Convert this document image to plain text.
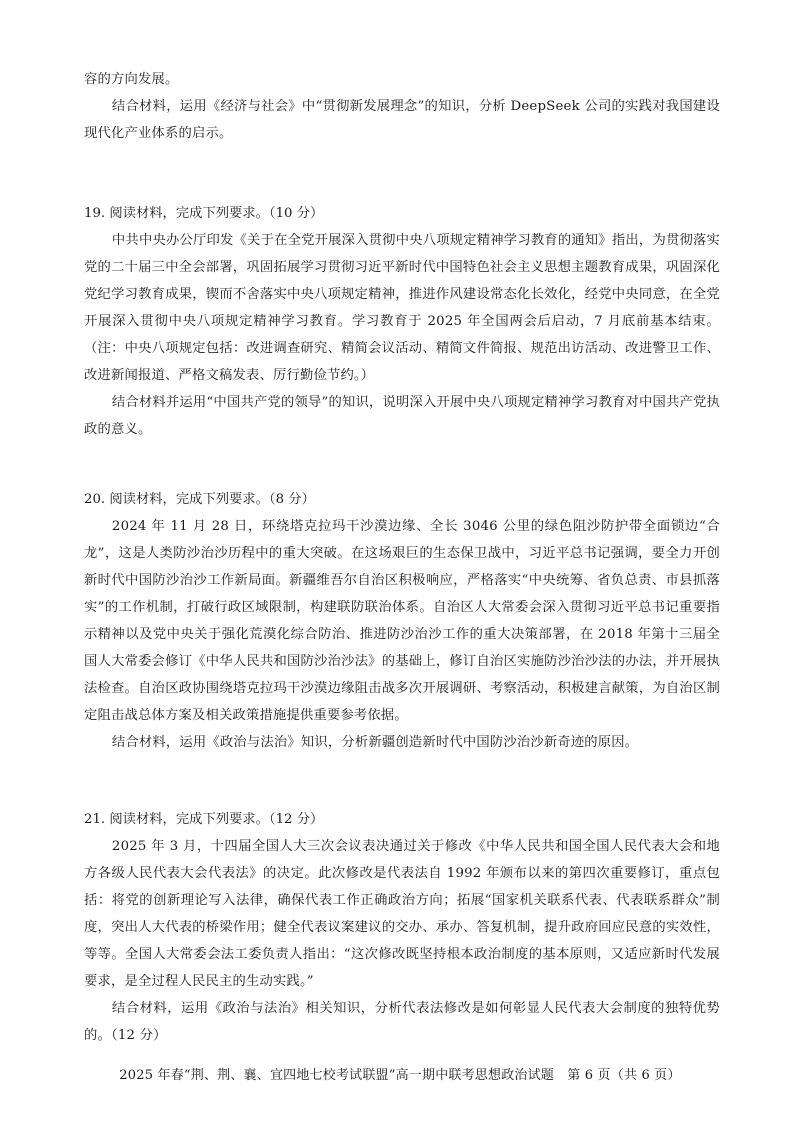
容的方向发展。

结合材料，运用《经济与社会》中“贯彻新发展理念”的知识，分析 DeepSeek 公司的实践对我国建设现代化产业体系的启示。

19. 阅读材料，完成下列要求。（10 分）

中共中央办公厅印发《关于在全党开展深入贯彻中央八项规定精神学习教育的通知》指出，为贯彻落实党的二十届三中全会部署，巩固拓展学习贯彻习近平新时代中国特色社会主义思想主题教育成果，巩固深化党纪学习教育成果，锲而不舍落实中央八项规定精神，推进作风建设常态化长效化，经党中央同意，在全党开展深入贯彻中央八项规定精神学习教育。学习教育于 2025 年全国两会后启动，7 月底前基本结束。（注：中央八项规定包括：改进调查研究、精简会议活动、精简文件简报、规范出访活动、改进警卫工作、改进新闻报道、严格文稿发表、厉行勤俭节约。）

结合材料并运用“中国共产党的领导”的知识，说明深入开展中央八项规定精神学习教育对中国共产党执政的意义。

20. 阅读材料，完成下列要求。（8 分）

2024 年 11 月 28 日，环绕塔克拉玛干沙漠边缘、全长 3046 公里的绿色阻沙防护带全面锁边“合龙”，这是人类防沙治沙历程中的重大突破。在这场艰巨的生态保卫战中，习近平总书记强调，要全力开创新时代中国防沙治沙工作新局面。新疆维吾尔自治区积极响应，严格落实“中央统筹、省负总责、市县抓落实”的工作机制，打破行政区域限制，构建联防联治体系。自治区人大常委会深入贯彻习近平总书记重要指示精神以及党中央关于强化荒漠化综合防治、推进防沙治沙工作的重大决策部署，在 2018 年第十三届全国人大常委会修订《中华人民共和国防沙治沙法》的基础上，修订自治区实施防沙治沙法的办法，并开展执法检查。自治区政协围绕塔克拉玛干沙漠边缘阻击战多次开展调研、考察活动，积极建言献策，为自治区制定阻击战总体方案及相关政策措施提供重要参考依据。

结合材料，运用《政治与法治》知识，分析新疆创造新时代中国防沙治沙新奇迹的原因。

21. 阅读材料，完成下列要求。（12 分）

2025 年 3 月，十四届全国人大三次会议表决通过关于修改《中华人民共和国全国人民代表大会和地方各级人民代表大会代表法》的决定。此次修改是代表法自 1992 年颁布以来的第四次重要修订，重点包括：将党的创新理论写入法律，确保代表工作正确政治方向；拓展“国家机关联系代表、代表联系群众”制度，突出人大代表的桥梁作用；健全代表议案建议的交办、承办、答复机制，提升政府回应民意的实效性，等等。全国人大常委会法工委负责人指出：“这次修改既坚持根本政治制度的基本原则，又适应新时代发展要求，是全过程人民民主的生动实践。”

结合材料，运用《政治与法治》相关知识，分析代表法修改是如何彰显人民代表大会制度的独特优势的。（12 分）

2025 年春“荆、荆、襄、宜四地七校考试联盟”高一期中联考思想政治试题　第 6 页（共 6 页）
